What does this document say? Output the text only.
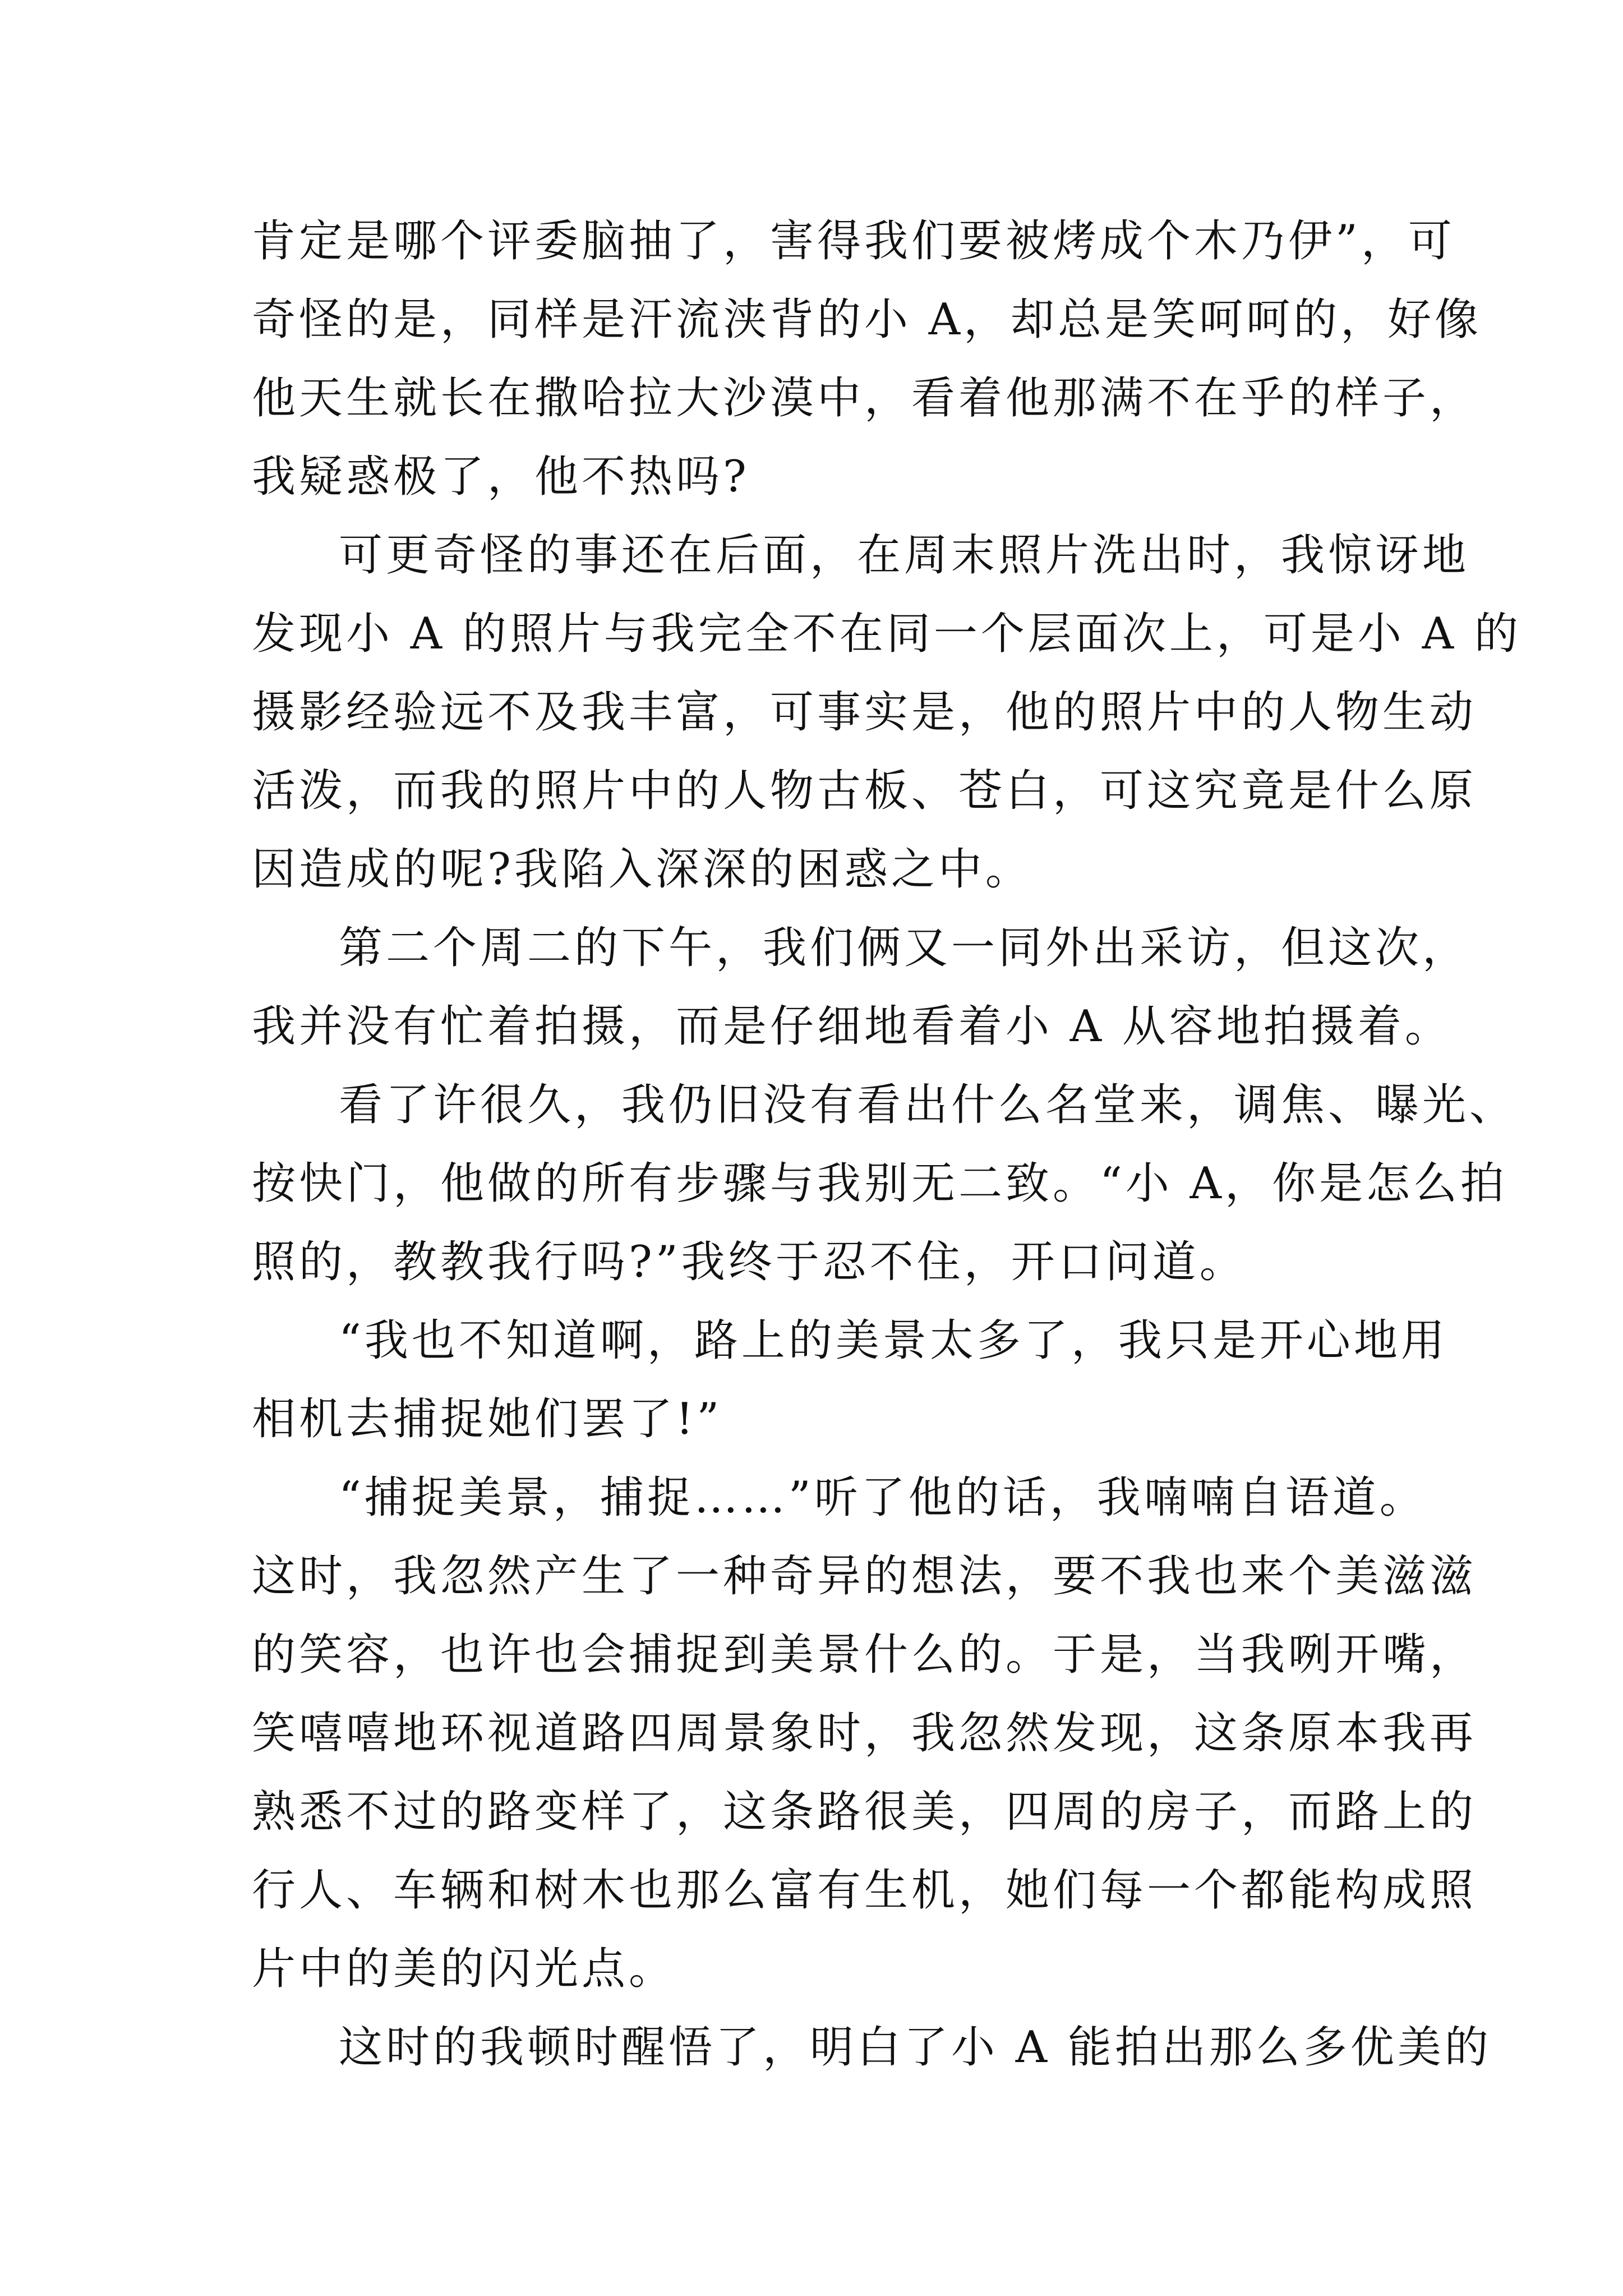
肯定是哪个评委脑抽了，害得我们要被烤成个木乃伊”，可
奇怪的是，同样是汗流浃背的小 A，却总是笑呵呵的，好像
他天生就长在撒哈拉大沙漠中，看着他那满不在乎的样子，
我疑惑极了，他不热吗?
可更奇怪的事还在后面，在周末照片洗出时，我惊讶地
发现小 A 的照片与我完全不在同一个层面次上，可是小 A 的
摄影经验远不及我丰富，可事实是，他的照片中的人物生动
活泼，而我的照片中的人物古板、苍白，可这究竟是什么原
因造成的呢?我陷入深深的困惑之中。
第二个周二的下午，我们俩又一同外出采访，但这次，
我并没有忙着拍摄，而是仔细地看着小 A 从容地拍摄着。
看了许很久，我仍旧没有看出什么名堂来，调焦、曝光、
按快门，他做的所有步骤与我别无二致。“小 A，你是怎么拍
照的，教教我行吗?”我终于忍不住，开口问道。
“我也不知道啊，路上的美景太多了，我只是开心地用
相机去捕捉她们罢了!”
“捕捉美景，捕捉……”听了他的话，我喃喃自语道。
这时，我忽然产生了一种奇异的想法，要不我也来个美滋滋
的笑容，也许也会捕捉到美景什么的。于是，当我咧开嘴，
笑嘻嘻地环视道路四周景象时，我忽然发现，这条原本我再
熟悉不过的路变样了，这条路很美，四周的房子，而路上的
行人、车辆和树木也那么富有生机，她们每一个都能构成照
片中的美的闪光点。
这时的我顿时醒悟了，明白了小 A 能拍出那么多优美的
